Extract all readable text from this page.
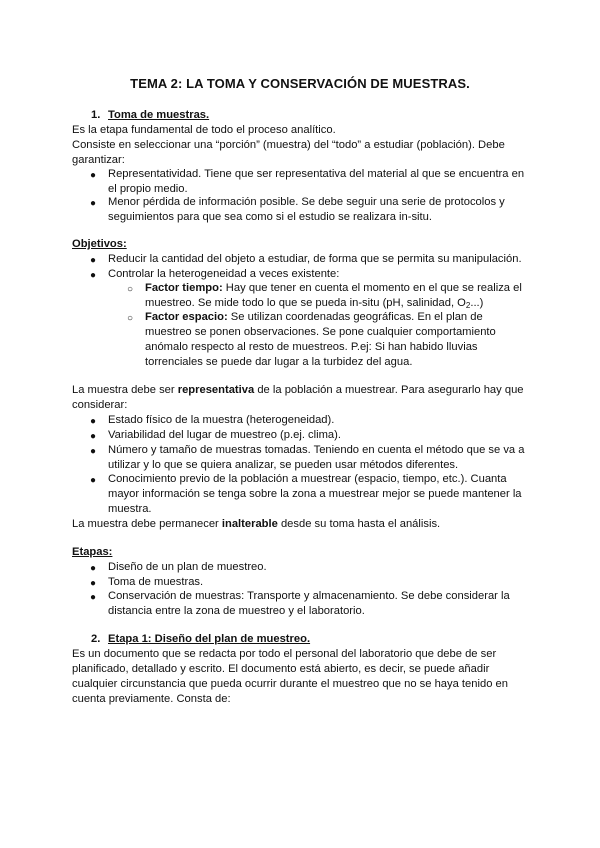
TEMA 2: LA TOMA Y CONSERVACIÓN DE MUESTRAS.
1. Toma de muestras.
Es la etapa fundamental de todo el proceso analítico.
Consiste en seleccionar una “porción” (muestra) del “todo” a estudiar (población). Debe
garantizar:
● Representatividad. Tiene que ser representativa del material al que se encuentra en
el propio medio.
● Menor pérdida de información posible. Se debe seguir una serie de protocolos y
seguimientos para que sea como si el estudio se realizara in-situ.
Objetivos:
● Reducir la cantidad del objeto a estudiar, de forma que se permita su manipulación.
● Controlar la heterogeneidad a veces existente:
○ Factor tiempo: Hay que tener en cuenta el momento en el que se realiza el
muestreo. Se mide todo lo que se pueda in-situ (pH, salinidad, $O_2$...)
○ Factor espacio: Se utilizan coordenadas geográficas. En el plan de
muestreo se ponen observaciones. Se pone cualquier comportamiento
anómalo respecto al resto de muestreos. P.ej: Si han habido lluvias
torrenciales se puede dar lugar a la turbidez del agua.
La muestra debe ser representativa de la población a muestrear. Para asegurarlo hay que
considerar:
● Estado físico de la muestra (heterogeneidad).
● Variabilidad del lugar de muestreo (p.ej. clima).
● Número y tamaño de muestras tomadas. Teniendo en cuenta el método que se va a
utilizar y lo que se quiera analizar, se pueden usar métodos diferentes.
● Conocimiento previo de la población a muestrear (espacio, tiempo, etc.). Cuanta
mayor información se tenga sobre la zona a muestrear mejor se puede mantener la
muestra.
La muestra debe permanecer inalterable desde su toma hasta el análisis.
Etapas:
● Diseño de un plan de muestreo.
● Toma de muestras.
● Conservación de muestras: Transporte y almacenamiento. Se debe considerar la
distancia entre la zona de muestreo y el laboratorio.
2. Etapa 1: Diseño del plan de muestreo.
Es un documento que se redacta por todo el personal del laboratorio que debe de ser
planificado, detallado y escrito. El documento está abierto, es decir, se puede añadir
cualquier circunstancia que pueda ocurrir durante el muestreo que no se haya tenido en
cuenta previamente. Consta de:
